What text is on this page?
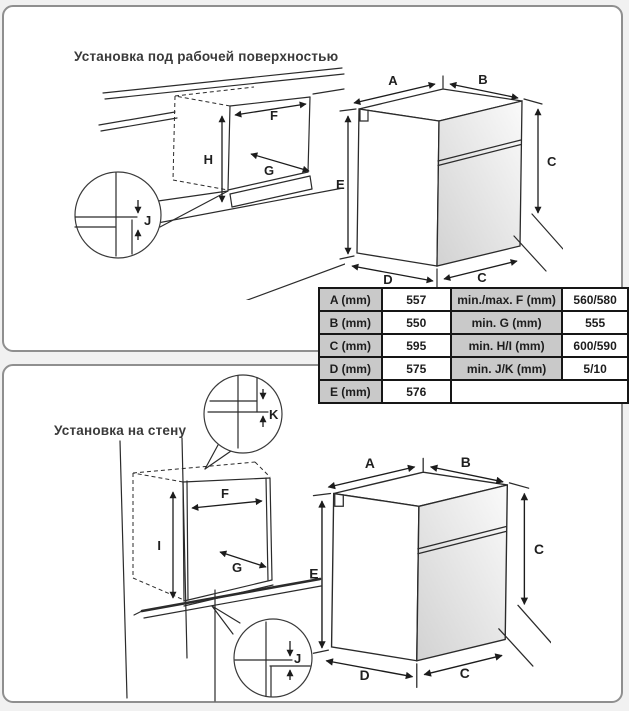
Установка под рабочей поверхностью
H
F
G
J
A	B
E
C
D	C
A (mm)	557	min./max. F (mm)	560/580
B (mm)	550	min. G (mm)	555
C (mm)	595	min. H/I (mm)	600/590
D (mm)	575	min. J/K (mm)	5/10
E (mm)	576		
Установка на стену
I
F
G
K
J
A	B
E
C
D	C
